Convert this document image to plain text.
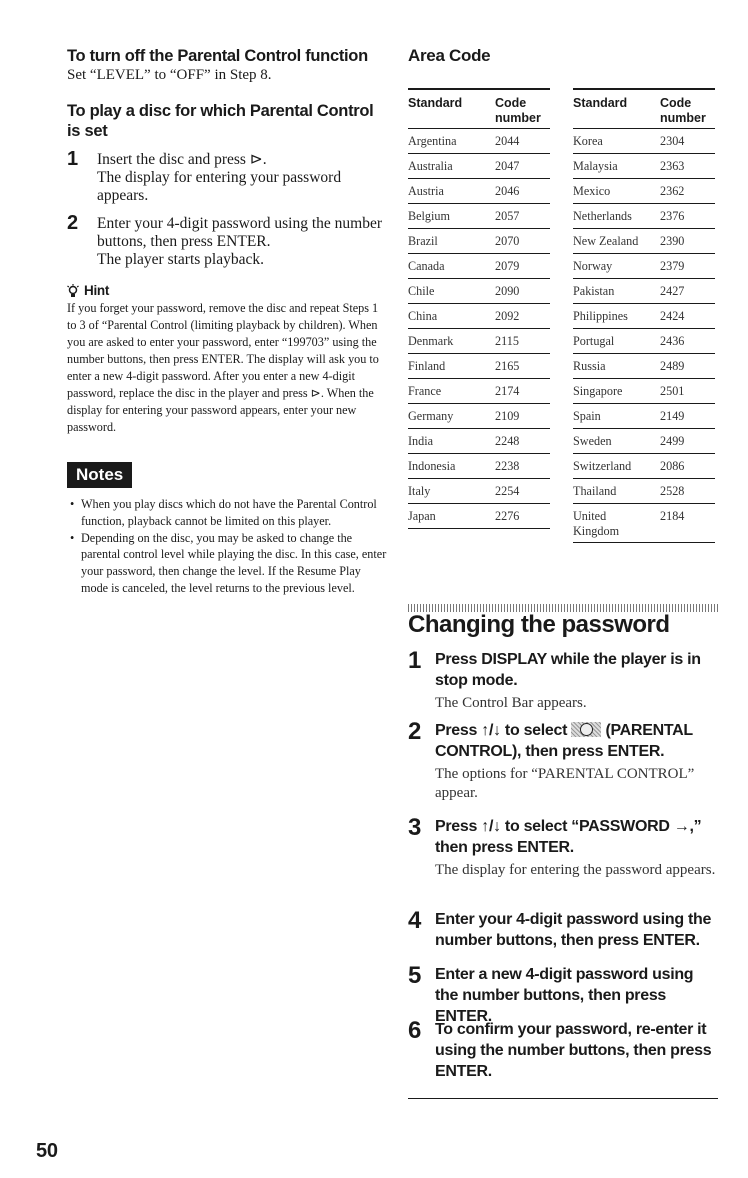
To turn off the Parental Control function

Set “LEVEL” to “OFF” in Step 8.

To play a disc for which Parental Control is set
1 Insert the disc and press ⊳.
The display for entering your password appears.
2 Enter your 4-digit password using the number buttons, then press ENTER.
The player starts playback.
Hint

If you forget your password, remove the disc and repeat Steps 1 to 3 of “Parental Control (limiting playback by children). When you are asked to enter your password, enter “199703” using the number buttons, then press ENTER. The display will ask you to enter a new 4-digit password. After you enter a new 4-digit password, replace the disc in the player and press ⊳. When the display for entering your password appears, enter your new password.

Notes
• When you play discs which do not have the Parental Control function, playback cannot be limited on this player.
• Depending on the disc, you may be asked to change the parental control level while playing the disc. In this case, enter your password, then change the level. If the Resume Play mode is canceled, the level returns to the previous level.
Area Code
Standard	Code number
Argentina	2044
Australia	2047
Austria	2046
Belgium	2057
Brazil	2070
Canada	2079
Chile	2090
China	2092
Denmark	2115
Finland	2165
France	2174
Germany	2109
India	2248
Indonesia	2238
Italy	2254
Japan	2276
Standard	Code number
Korea	2304
Malaysia	2363
Mexico	2362
Netherlands 2376
New Zealand 2390
Norway	2379
Pakistan	2427
Philippines	2424
Portugal	2436
Russia	2489
Singapore	2501
Spain	2149
Sweden	2499
Switzerland 2086
Thailand	2528
United Kingdom
2184
Changing the password
1 Press DISPLAY while the player is in stop mode.
The Control Bar appears.
2 Press ↑/↓ to select (PARENTAL CONTROL), then press ENTER.
The options for “PARENTAL CONTROL” appear.
3 Press ↑/↓ to select “PASSWORD →,” then press ENTER.
The display for entering the password appears.
4 Enter your 4-digit password using the number buttons, then press ENTER.
5 Enter a new 4-digit password using the number buttons, then press ENTER.
6 To confirm your password, re-enter it using the number buttons, then press ENTER.
50
